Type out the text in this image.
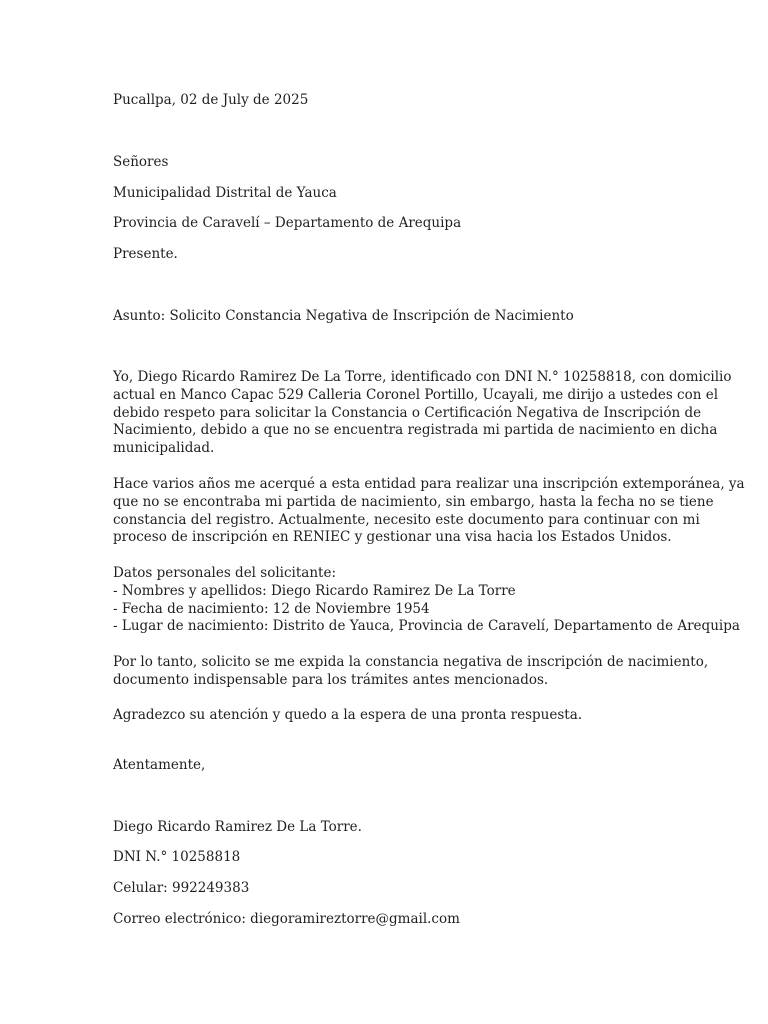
Pucallpa, 02 de July de 2025
Señores
Municipalidad Distrital de Yauca
Provincia de Caravelí – Departamento de Arequipa
Presente.
Asunto: Solicito Constancia Negativa de Inscripción de Nacimiento
Yo, Diego Ricardo Ramirez De La Torre, identificado con DNI N.° 10258818, con domicilio
actual en Manco Capac 529 Calleria Coronel Portillo, Ucayali, me dirijo a ustedes con el
debido respeto para solicitar la Constancia o Certificación Negativa de Inscripción de
Nacimiento, debido a que no se encuentra registrada mi partida de nacimiento en dicha
municipalidad.
Hace varios años me acerqué a esta entidad para realizar una inscripción extemporánea, ya
que no se encontraba mi partida de nacimiento, sin embargo, hasta la fecha no se tiene
constancia del registro. Actualmente, necesito este documento para continuar con mi
proceso de inscripción en RENIEC y gestionar una visa hacia los Estados Unidos.
Datos personales del solicitante:
- Nombres y apellidos: Diego Ricardo Ramirez De La Torre
- Fecha de nacimiento: 12 de Noviembre 1954
- Lugar de nacimiento: Distrito de Yauca, Provincia de Caravelí, Departamento de Arequipa
Por lo tanto, solicito se me expida la constancia negativa de inscripción de nacimiento,
documento indispensable para los trámites antes mencionados.
Agradezco su atención y quedo a la espera de una pronta respuesta.
Atentamente,
Diego Ricardo Ramirez De La Torre.
DNI N.° 10258818
Celular: 992249383
Correo electrónico: diegoramireztorre@gmail.com
